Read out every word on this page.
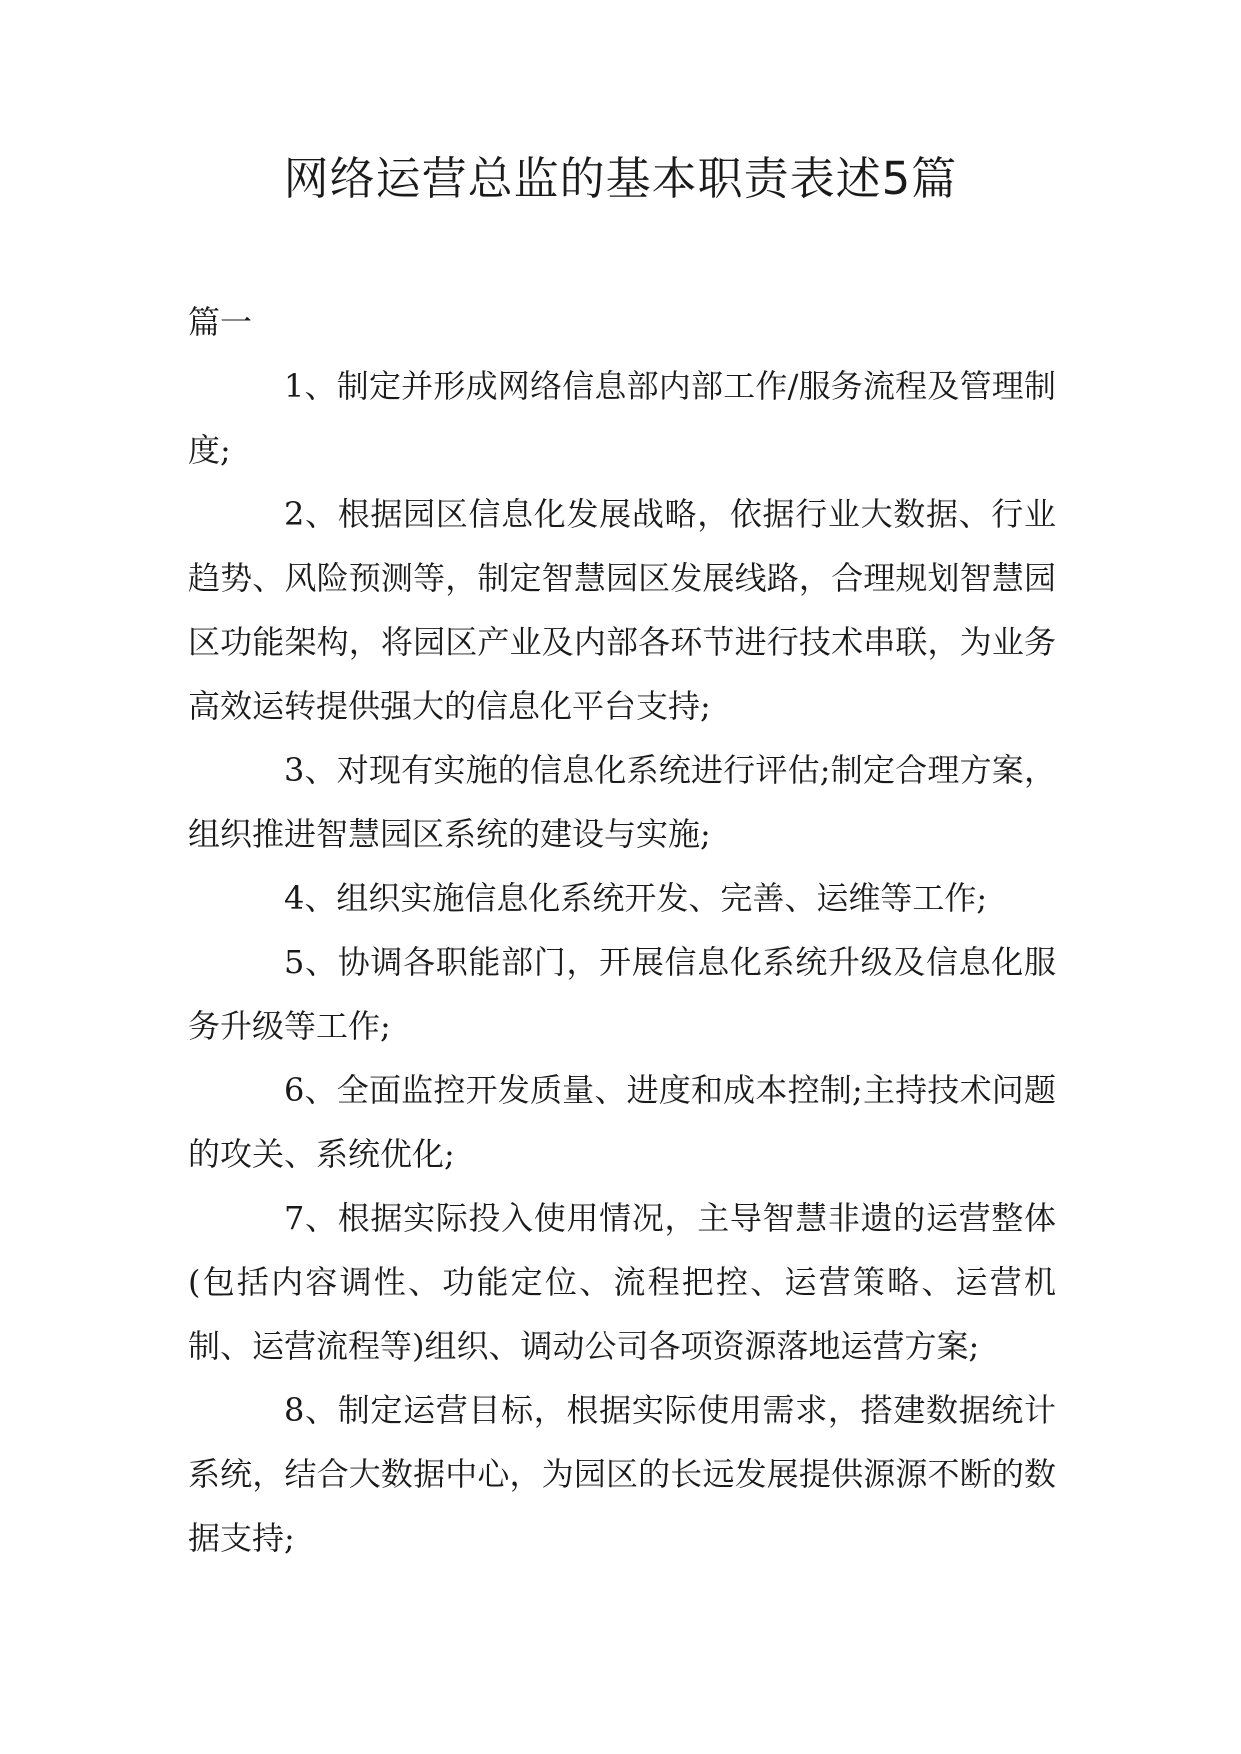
网络运营总监的基本职责表述5篇
篇一

1、制定并形成网络信息部内部工作/服务流程及管理制度;

2、根据园区信息化发展战略，依据行业大数据、行业趋势、风险预测等，制定智慧园区发展线路，合理规划智慧园区功能架构，将园区产业及内部各环节进行技术串联，为业务高效运转提供强大的信息化平台支持;

3、对现有实施的信息化系统进行评估;制定合理方案，组织推进智慧园区系统的建设与实施;

4、组织实施信息化系统开发、完善、运维等工作;

5、协调各职能部门，开展信息化系统升级及信息化服务升级等工作;

6、全面监控开发质量、进度和成本控制;主持技术问题的攻关、系统优化;

7、根据实际投入使用情况，主导智慧非遗的运营整体(包括内容调性、功能定位、流程把控、运营策略、运营机制、运营流程等)组织、调动公司各项资源落地运营方案;

8、制定运营目标，根据实际使用需求，搭建数据统计系统，结合大数据中心，为园区的长远发展提供源源不断的数据支持;
